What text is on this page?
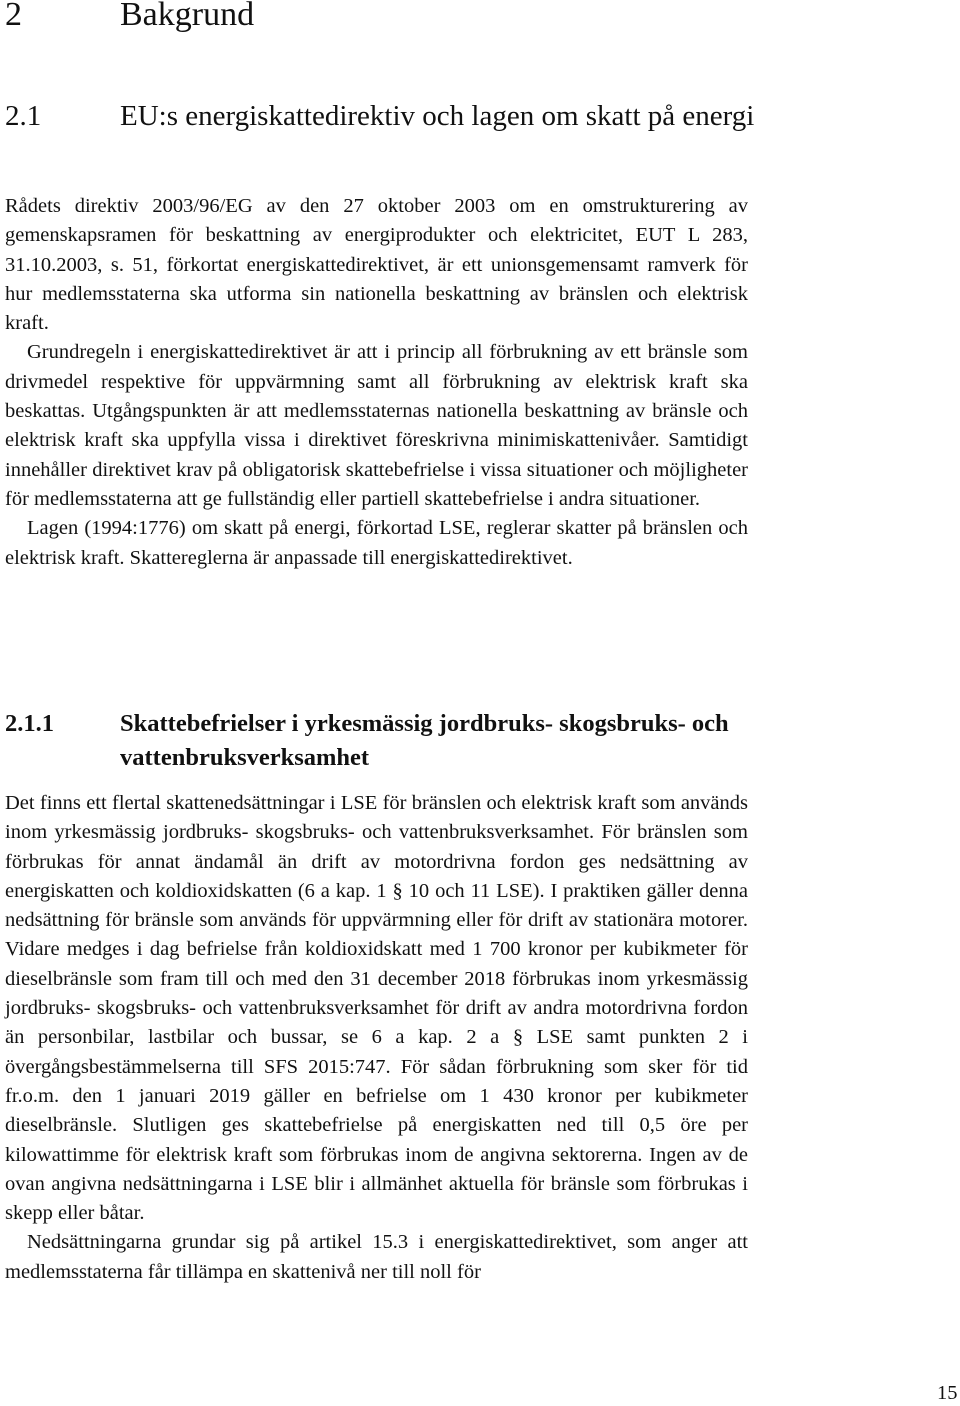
2	Bakgrund
2.1	EU:s energiskattedirektiv och lagen om skatt på energi

Rådets direktiv 2003/96/EG av den 27 oktober 2003 om en omstrukturering av gemenskapsramen för beskattning av energiprodukter och elektricitet, EUT L 283, 31.10.2003, s. 51, förkortat energiskattedirektivet, är ett unionsgemensamt ramverk för hur medlemsstaterna ska utforma sin nationella beskattning av bränslen och elektrisk kraft.

Grundregeln i energiskattedirektivet är att i princip all förbrukning av ett bränsle som drivmedel respektive för uppvärmning samt all förbrukning av elektrisk kraft ska beskattas. Utgångspunkten är att medlemsstaternas nationella beskattning av bränsle och elektrisk kraft ska uppfylla vissa i direktivet föreskrivna minimiskattenivåer. Samtidigt innehåller direktivet krav på obligatorisk skattebefrielse i vissa situationer och möjligheter för medlemsstaterna att ge fullständig eller partiell skattebefrielse i andra situationer.

Lagen (1994:1776) om skatt på energi, förkortad LSE, reglerar skatter på bränslen och elektrisk kraft. Skattereglerna är anpassade till energiskattedirektivet.

2.1.1	Skattebefrielser i yrkesmässig jordbruks- skogsbruks- och vattenbruksverksamhet

Det finns ett flertal skattenedsättningar i LSE för bränslen och elektrisk kraft som används inom yrkesmässig jordbruks- skogsbruks- och vattenbruksverksamhet. För bränslen som förbrukas för annat ändamål än drift av motordrivna fordon ges nedsättning av energiskatten och koldioxidskatten (6 a kap. 1 § 10 och 11 LSE). I praktiken gäller denna nedsättning för bränsle som används för uppvärmning eller för drift av stationära motorer. Vidare medges i dag befrielse från koldioxidskatt med 1 700 kronor per kubikmeter för dieselbränsle som fram till och med den 31 december 2018 förbrukas inom yrkesmässig jordbruks- skogsbruks- och vattenbruksverksamhet för drift av andra motordrivna fordon än personbilar, lastbilar och bussar, se 6 a kap. 2 a § LSE samt punkten 2 i övergångsbestämmelserna till SFS 2015:747. För sådan förbrukning som sker för tid fr.o.m. den 1 januari 2019 gäller en befrielse om 1 430 kronor per kubikmeter dieselbränsle. Slutligen ges skattebefrielse på energiskatten ned till 0,5 öre per kilowattimme för elektrisk kraft som förbrukas inom de angivna sektorerna. Ingen av de ovan angivna nedsättningarna i LSE blir i allmänhet aktuella för bränsle som förbrukas i skepp eller båtar.

Nedsättningarna grundar sig på artikel 15.3 i energiskattedirektivet, som anger att medlemsstaterna får tillämpa en skattenivå ner till noll för

15
